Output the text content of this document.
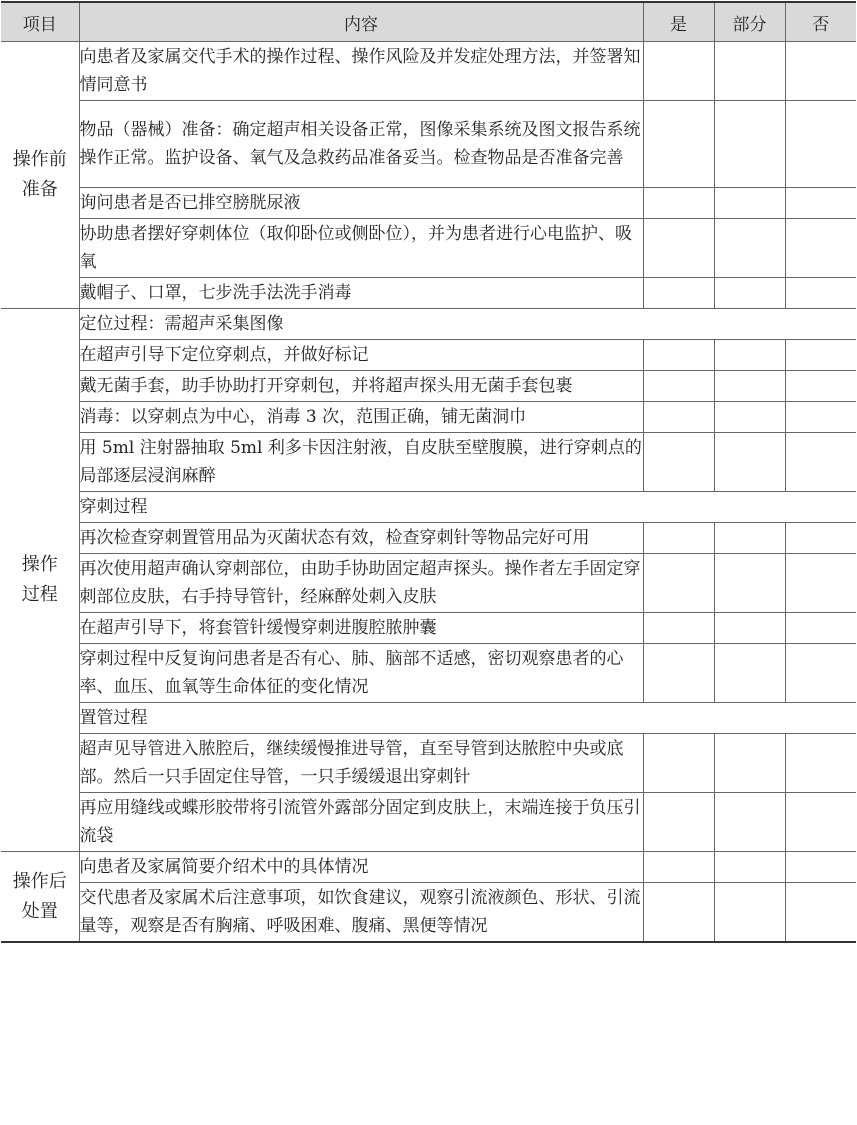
项目	内容	是	部分	否
操作前
准备	向患者及家属交代手术的操作过程、操作风险及并发症处理方法，并签署知情同意书			
	物品（器械）准备：确定超声相关设备正常，图像采集系统及图文报告系统操作正常。监护设备、氧气及急救药品准备妥当。检查物品是否准备完善			
	询问患者是否已排空膀胱尿液			
	协助患者摆好穿刺体位（取仰卧位或侧卧位），并为患者进行心电监护、吸氧			
	戴帽子、口罩，七步洗手法洗手消毒			
操作
过程	定位过程：需超声采集图像			
	在超声引导下定位穿刺点，并做好标记			
	戴无菌手套，助手协助打开穿刺包，并将超声探头用无菌手套包裹			
	消毒：以穿刺点为中心，消毒 3 次，范围正确，铺无菌洞巾			
	用 5ml 注射器抽取 5ml 利多卡因注射液，自皮肤至壁腹膜，进行穿刺点的局部逐层浸润麻醉			
	穿刺过程			
	再次检查穿刺置管用品为灭菌状态有效，检查穿刺针等物品完好可用			
	再次使用超声确认穿刺部位，由助手协助固定超声探头。操作者左手固定穿刺部位皮肤，右手持导管针，经麻醉处刺入皮肤			
	在超声引导下，将套管针缓慢穿刺进腹腔脓肿囊			
	穿刺过程中反复询问患者是否有心、肺、脑部不适感，密切观察患者的心率、血压、血氧等生命体征的变化情况			
	置管过程			
	超声见导管进入脓腔后，继续缓慢推进导管，直至导管到达脓腔中央或底部。然后一只手固定住导管，一只手缓缓退出穿刺针			
	再应用缝线或蝶形胶带将引流管外露部分固定到皮肤上，末端连接于负压引流袋			
操作后
处置	向患者及家属简要介绍术中的具体情况			
	交代患者及家属术后注意事项，如饮食建议，观察引流液颜色、形状、引流量等，观察是否有胸痛、呼吸困难、腹痛、黑便等情况			
